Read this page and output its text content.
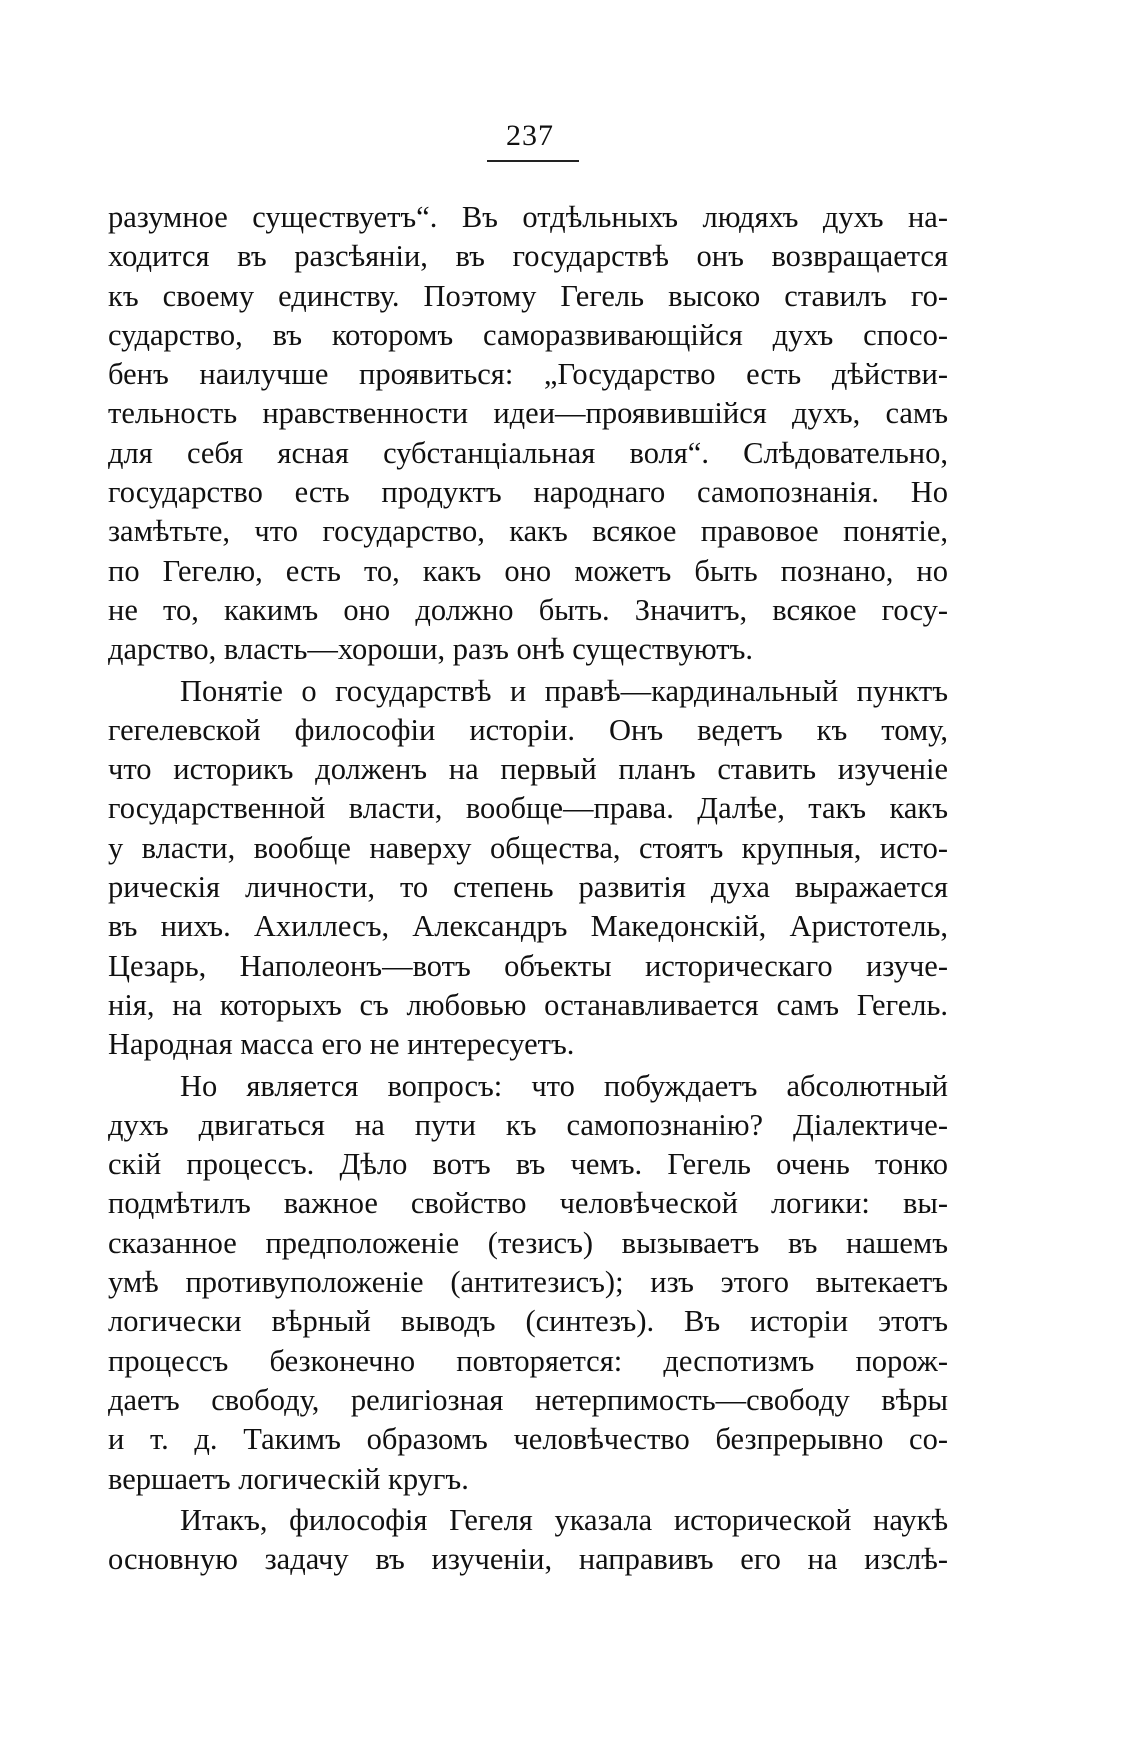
237
разумное существуетъ“. Въ отдѣльныхъ людяхъ духъ на-
ходится въ разсѣяніи, въ государствѣ онъ возвращается
къ своему единству. Поэтому Гегель высоко ставилъ го-
сударство, въ которомъ саморазвивающійся духъ спосо-
бенъ наилучше проявиться: „Государство есть дѣйстви-
тельность нравственности идеи—проявившійся духъ, самъ
для себя ясная субстанціальная воля“. Слѣдовательно,
государство есть продуктъ народнаго самопознанія. Но
замѣтьте, что государство, какъ всякое правовое понятіе,
по Гегелю, есть то, какъ оно можетъ быть познано, но
не то, какимъ оно должно быть. Значитъ, всякое госу-
дарство, власть—хороши, разъ онѣ существуютъ.
Понятіе о государствѣ и правѣ—кардинальный пунктъ
гегелевской философіи исторіи. Онъ ведетъ къ тому,
что историкъ долженъ на первый планъ ставить изученіе
государственной власти, вообще—права. Далѣе, такъ какъ
у власти, вообще наверху общества, стоятъ крупныя, исто-
рическія личности, то степень развитія духа выражается
въ нихъ. Ахиллесъ, Александръ Македонскій, Аристотель,
Цезарь, Наполеонъ—вотъ объекты историческаго изуче-
нія, на которыхъ съ любовью останавливается самъ Гегель.
Народная масса его не интересуетъ.
Но является вопросъ: что побуждаетъ абсолютный
духъ двигаться на пути къ самопознанію? Діалектиче-
скій процессъ. Дѣло вотъ въ чемъ. Гегель очень тонко
подмѣтилъ важное свойство человѣческой логики: вы-
сказанное предположеніе (тезисъ) вызываетъ въ нашемъ
умѣ противуположеніе (антитезисъ); изъ этого вытекаетъ
логически вѣрный выводъ (синтезъ). Въ исторіи этотъ
процессъ безконечно повторяется: деспотизмъ порож-
даетъ свободу, религіозная нетерпимость—свободу вѣры
и т. д. Такимъ образомъ человѣчество безпрерывно со-
вершаетъ логическій кругъ.
Итакъ, философія Гегеля указала исторической наукѣ
основную задачу въ изученіи, направивъ его на изслѣ-
